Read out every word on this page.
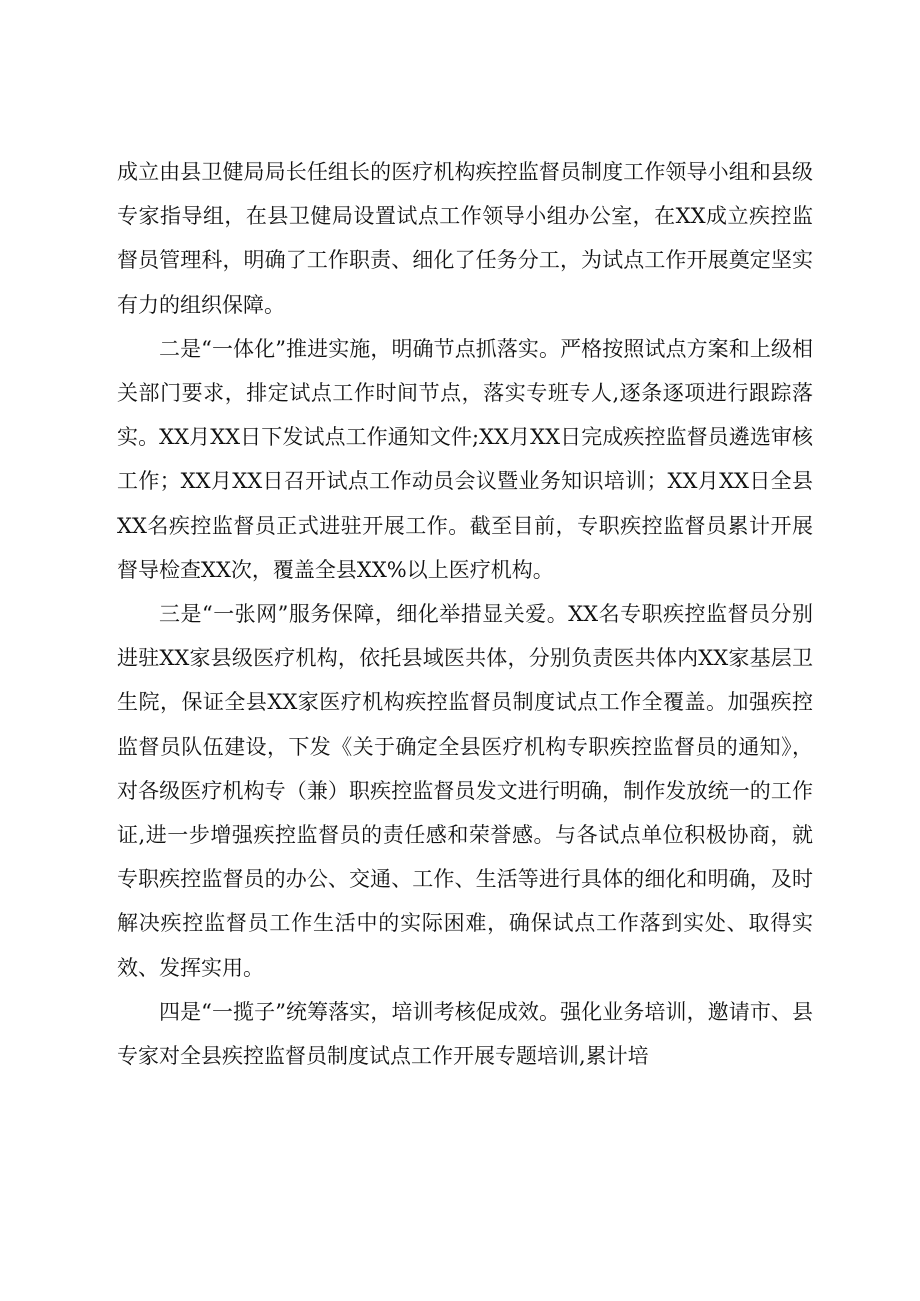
成立由县卫健局局长任组长的医疗机构疾控监督员制度工作领导小组和县级专家指导组，在县卫健局设置试点工作领导小组办公室，在XX成立疾控监督员管理科，明确了工作职责、细化了任务分工，为试点工作开展奠定坚实有力的组织保障。

二是“一体化”推进实施，明确节点抓落实。严格按照试点方案和上级相关部门要求，排定试点工作时间节点，落实专班专人,逐条逐项进行跟踪落实。XX月XX日下发试点工作通知文件;XX月XX日完成疾控监督员遴选审核工作；XX月XX日召开试点工作动员会议暨业务知识培训；XX月XX日全县XX名疾控监督员正式进驻开展工作。截至目前，专职疾控监督员累计开展督导检查XX次，覆盖全县XX%以上医疗机构。

三是“一张网”服务保障，细化举措显关爱。XX名专职疾控监督员分别进驻XX家县级医疗机构，依托县域医共体，分别负责医共体内XX家基层卫生院，保证全县XX家医疗机构疾控监督员制度试点工作全覆盖。加强疾控监督员队伍建设，下发《关于确定全县医疗机构专职疾控监督员的通知》，对各级医疗机构专（兼）职疾控监督员发文进行明确，制作发放统一的工作证,进一步增强疾控监督员的责任感和荣誉感。与各试点单位积极协商，就专职疾控监督员的办公、交通、工作、生活等进行具体的细化和明确，及时解决疾控监督员工作生活中的实际困难，确保试点工作落到实处、取得实效、发挥实用。

四是“一揽子”统筹落实，培训考核促成效。强化业务培训，邀请市、县专家对全县疾控监督员制度试点工作开展专题培训,累计培
